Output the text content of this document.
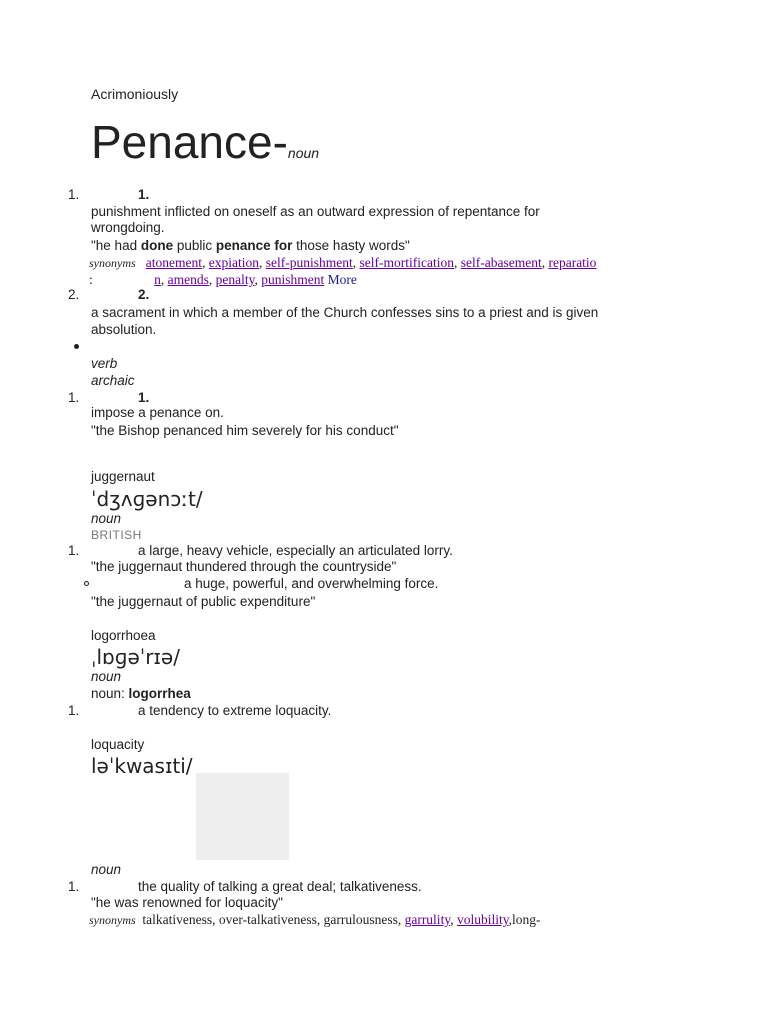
Acrimoniously
Penance-noun
1.	1.
punishment inflicted on oneself as an outward expression of repentance for
wrongdoing.
"he had done public penance for those hasty words"
synonyms atonement, expiation, self-punishment, self-mortification, self-abasement, reparatio
:	n, amends, penalty, punishment More
2.	2.
a sacrament in which a member of the Church confesses sins to a priest and is given
absolution.
verb
archaic
1.	1.
impose a penance on.
"the Bishop penanced him severely for his conduct"
juggernaut
ˈdʒʌɡənɔːt/
noun
BRITISH
1.	a large, heavy vehicle, especially an articulated lorry.
"the juggernaut thundered through the countryside"
a huge, powerful, and overwhelming force.
"the juggernaut of public expenditure"
logorrhoea
ˌlɒɡəˈrɪə/
noun
noun: logorrhea
1.	a tendency to extreme loquacity.
loquacity
ləˈkwasɪti/
noun
1.	the quality of talking a great deal; talkativeness.
"he was renowned for loquacity"
synonyms talkativeness, over-talkativeness, garrulousness, garrulity, volubility,long-
